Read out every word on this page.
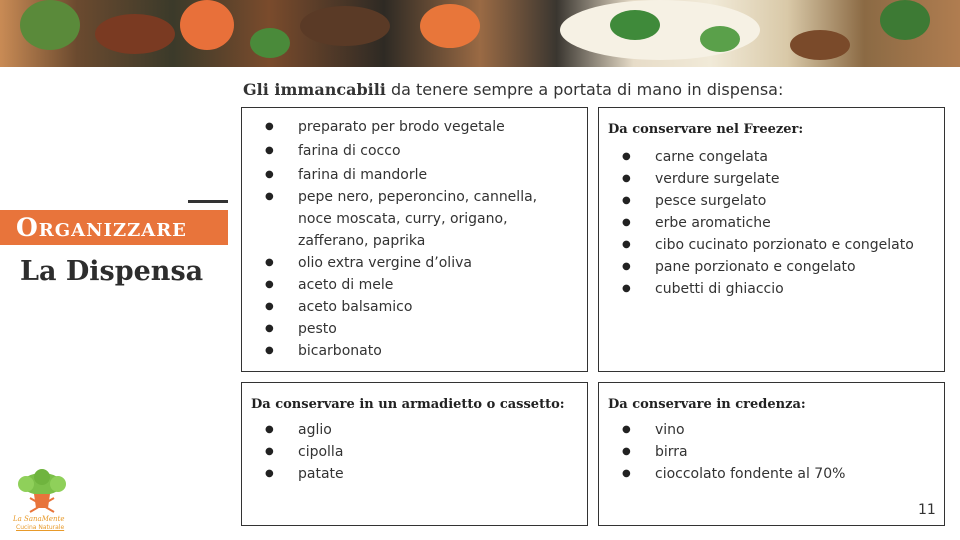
Organizzare
La Dispensa
Gli immancabili da tenere sempre a portata di mano in dispensa:
● preparato per brodo vegetale
● farina di cocco
● farina di mandorle
● pepe nero, peperoncino, cannella, noce moscata, curry, origano, zafferano, paprika
● olio extra vergine d’oliva
● aceto di mele
● aceto balsamico
● pesto
● bicarbonato

Da conservare nel Freezer:

● carne congelata
● verdure surgelate
● pesce surgelato
● erbe aromatiche
● cibo cucinato porzionato e congelato
● pane porzionato e congelato
● cubetti di ghiaccio

Da conservare in un armadietto o cassetto:

● aglio
● cipolla
● patate

Da conservare in credenza:

● vino
● birra
● cioccolato fondente al 70%
11
La SanaMente
Cucina Naturale
